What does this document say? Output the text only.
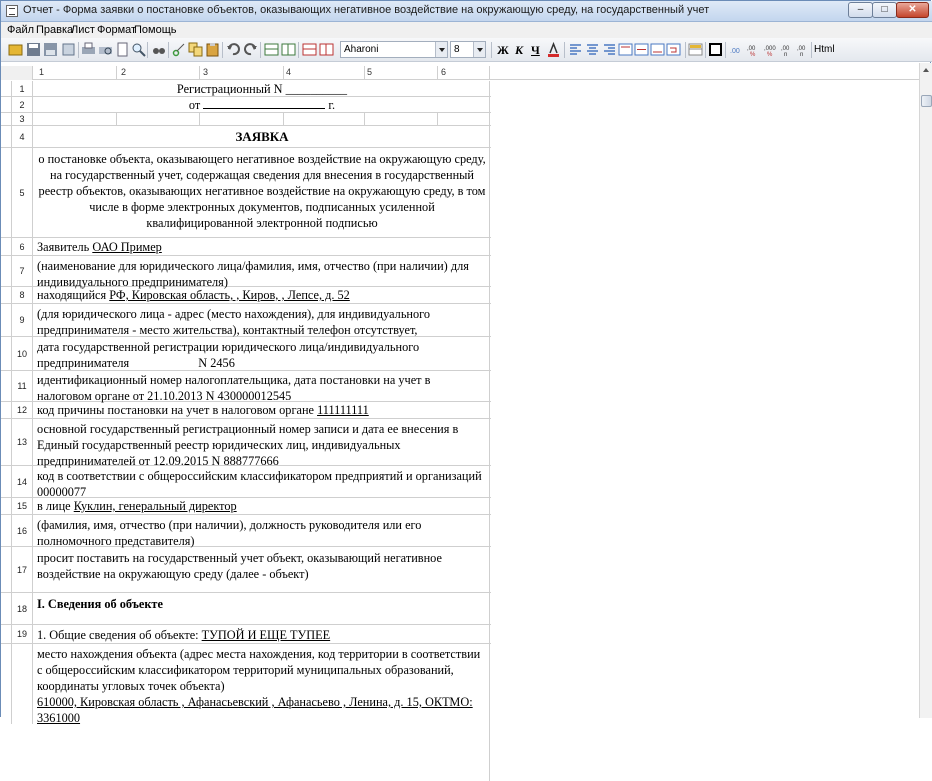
Отчет - Форма заявки о постановке объектов, оказывающих негативное воздействие на окружающую среду, на государственный учет	–	□	✕
Файл Правка
Лист Формат
Помощь
Aharoni	8	Ж К Ч	.00 ,00
%
,000
%
,00
n
,00
n Html
1	2	3	4	5	6
1	Регистрационный N __________
2	от	г.
3
4	ЗАЯВКА
5
о постановке объекта, оказывающего негативное воздействие на окружающую среду, на государственный учет, содержащая сведения для внесения в государственный реестр объектов, оказывающих негативное воздействие на окружающую среду, в том числе в форме электронных документов, подписанных усиленной квалифицированной электронной подписью
6	Заявитель ОАО Пример
7	(наименование для юридического лица/фамилия, имя, отчество (при наличии) для индивидуального предпринимателя)
8	находящийся РФ, Кировская область, , Киров, , Лепсе, д. 52
9	(для юридического лица - адрес (место нахождения), для индивидуального предпринимателя - место жительства), контактный телефон отсутствует,
10 дата государственной регистрации юридического лица/индивидуального
предпринимателя	N 2456
11 идентификационный номер налогоплательщика, дата постановки на учет в налоговом органе от 21.10.2013 N 430000012545
12 код причины постановки на учет в налоговом органе 111111111
13
основной государственный регистрационный номер записи и дата ее внесения в Единый государственный реестр юридических лиц, индивидуальных предпринимателей от 12.09.2015 N 888777666
14 код в соответствии с общероссийским классификатором предприятий и организаций 00000077
15 в лице Куклин, генеральный директор
16 (фамилия, имя, отчество (при наличии), должность руководителя или его полномочного представителя)
17
просит поставить на государственный учет объект, оказывающий негативное воздействие на окружающую среду (далее - объект)
18 I. Сведения об объекте
19 1. Общие сведения об объекте: ТУПОЙ И ЕЩЕ ТУПЕЕ
место нахождения объекта (адрес места нахождения, код территории в соответствии с общероссийским классификатором территорий муниципальных образований, координаты угловых точек объекта)
610000, Кировская область , Афанасьевский , Афанасьево , Ленина, д. 15, ОКТМО: 3361000
